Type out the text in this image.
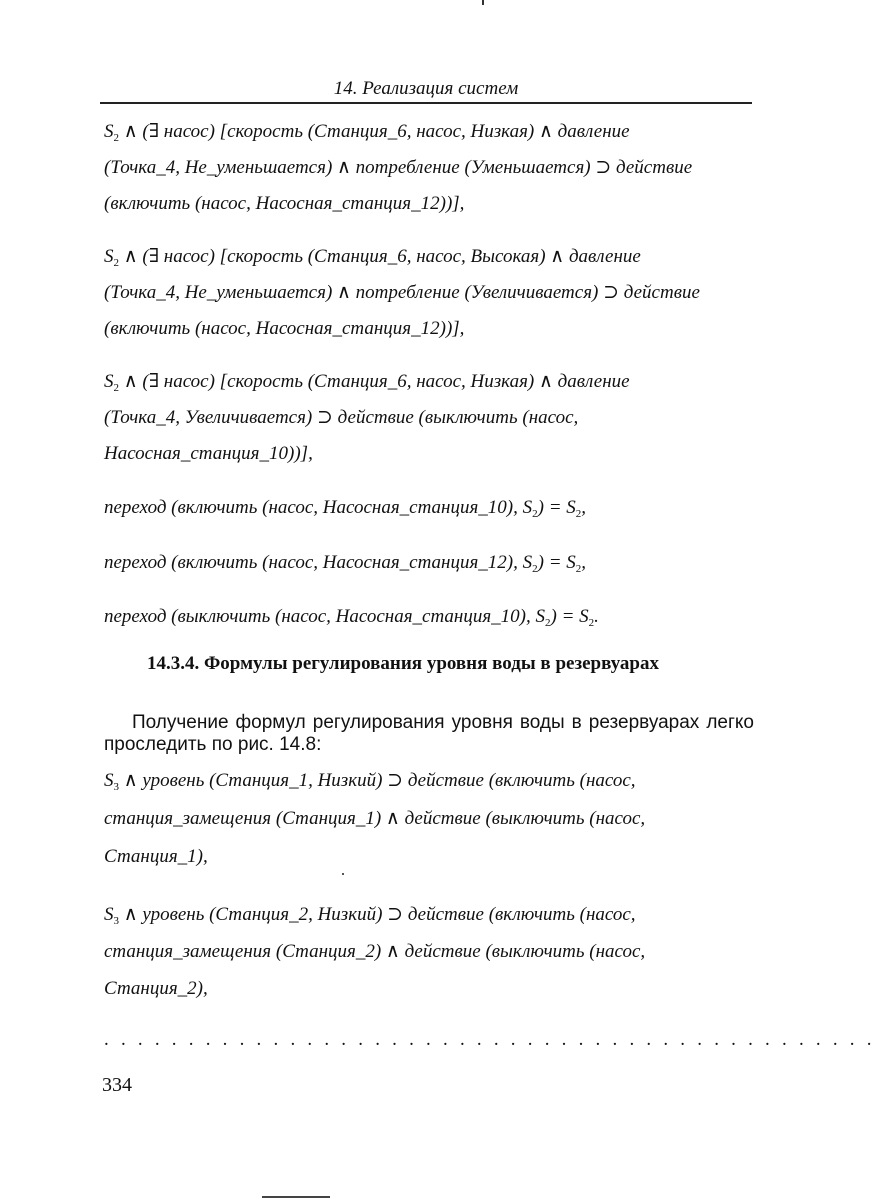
14. Реализация систем
$S_2$ ∧ (∃ насос) [скорость (Станция_6, насос, Низкая) ∧ давление
(Точка_4, Не_уменьшается) ∧ потребление (Уменьшается) ⊃ действие
(включить (насос, Насосная_станция_12))],
$S_2$ ∧ (∃ насос) [скорость (Станция_6, насос, Высокая) ∧ давление
(Точка_4, Не_уменьшается) ∧ потребление (Увеличивается) ⊃ действие
(включить (насос, Насосная_станция_12))],
$S_2$ ∧ (∃ насос) [скорость (Станция_6, насос, Низкая) ∧ давление
(Точка_4, Увеличивается) ⊃ действие (выключить (насос,
Насосная_станция_10))],
переход (включить (насос, Насосная_станция_10), $S_2) = S_2$,
переход (включить (насос, Насосная_станция_12), $S_2) = S_2$,
переход (выключить (насос, Насосная_станция_10), $S_2) = S_2$.
14.3.4. Формулы регулирования уровня воды в резервуарах
Получение формул регулирования уровня воды в резервуарах легко
проследить по рис. 14.8:
$S_3$ ∧ уровень (Станция_1, Низкий) ⊃ действие (включить (насос,
станция_замещения (Станция_1) ∧ действие (выключить (насос,
Станция_1),
$S_3$ ∧ уровень (Станция_2, Низкий) ⊃ действие (включить (насос,
станция_замещения (Станция_2) ∧ действие (выключить (насос,
Станция_2),
..............................................
334
